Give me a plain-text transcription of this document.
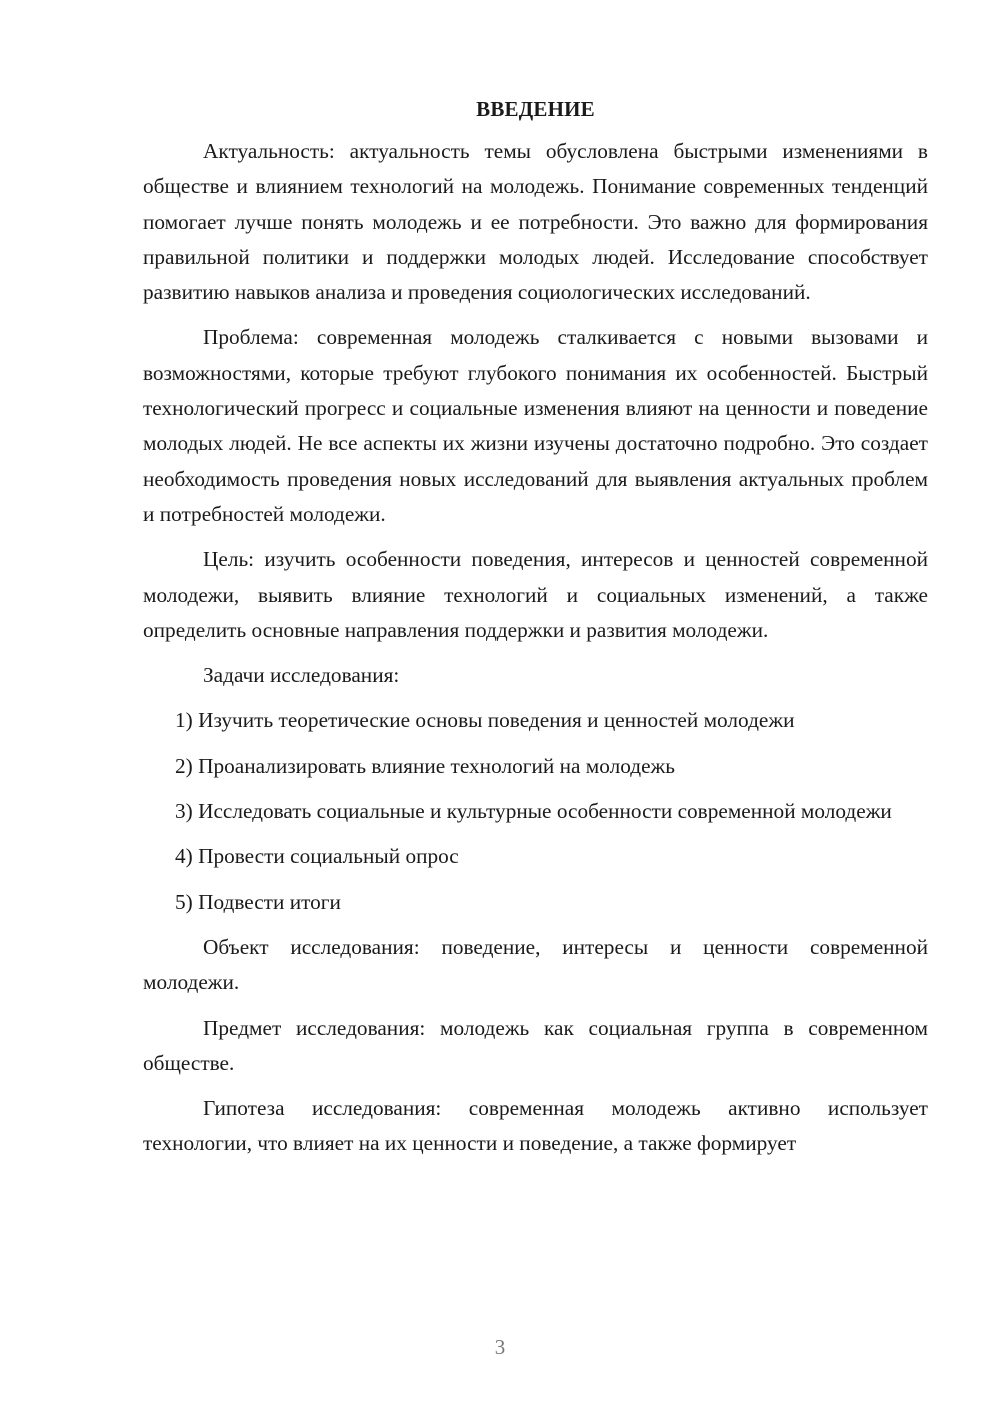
ВВЕДЕНИЕ

Актуальность: актуальность темы обусловлена быстрыми изменениями в обществе и влиянием технологий на молодежь. Понимание современных тенденций помогает лучше понять молодежь и ее потребности. Это важно для формирования правильной политики и поддержки молодых людей. Исследование способствует развитию навыков анализа и проведения социологических исследований.

Проблема: современная молодежь сталкивается с новыми вызовами и возможностями, которые требуют глубокого понимания их особенностей. Быстрый технологический прогресс и социальные изменения влияют на ценности и поведение молодых людей. Не все аспекты их жизни изучены достаточно подробно. Это создает необходимость проведения новых исследований для выявления актуальных проблем и потребностей молодежи.

Цель: изучить особенности поведения, интересов и ценностей современной молодежи, выявить влияние технологий и социальных изменений, а также определить основные направления поддержки и развития молодежи.

Задачи исследования:

1) Изучить теоретические основы поведения и ценностей молодежи

2) Проанализировать влияние технологий на молодежь

3) Исследовать социальные и культурные особенности современной молодежи

4) Провести социальный опрос

5) Подвести итоги

Объект исследования: поведение, интересы и ценности современной молодежи.

Предмет исследования: молодежь как социальная группа в современном обществе.

Гипотеза исследования: современная молодежь активно использует технологии, что влияет на их ценности и поведение, а также формирует

3
